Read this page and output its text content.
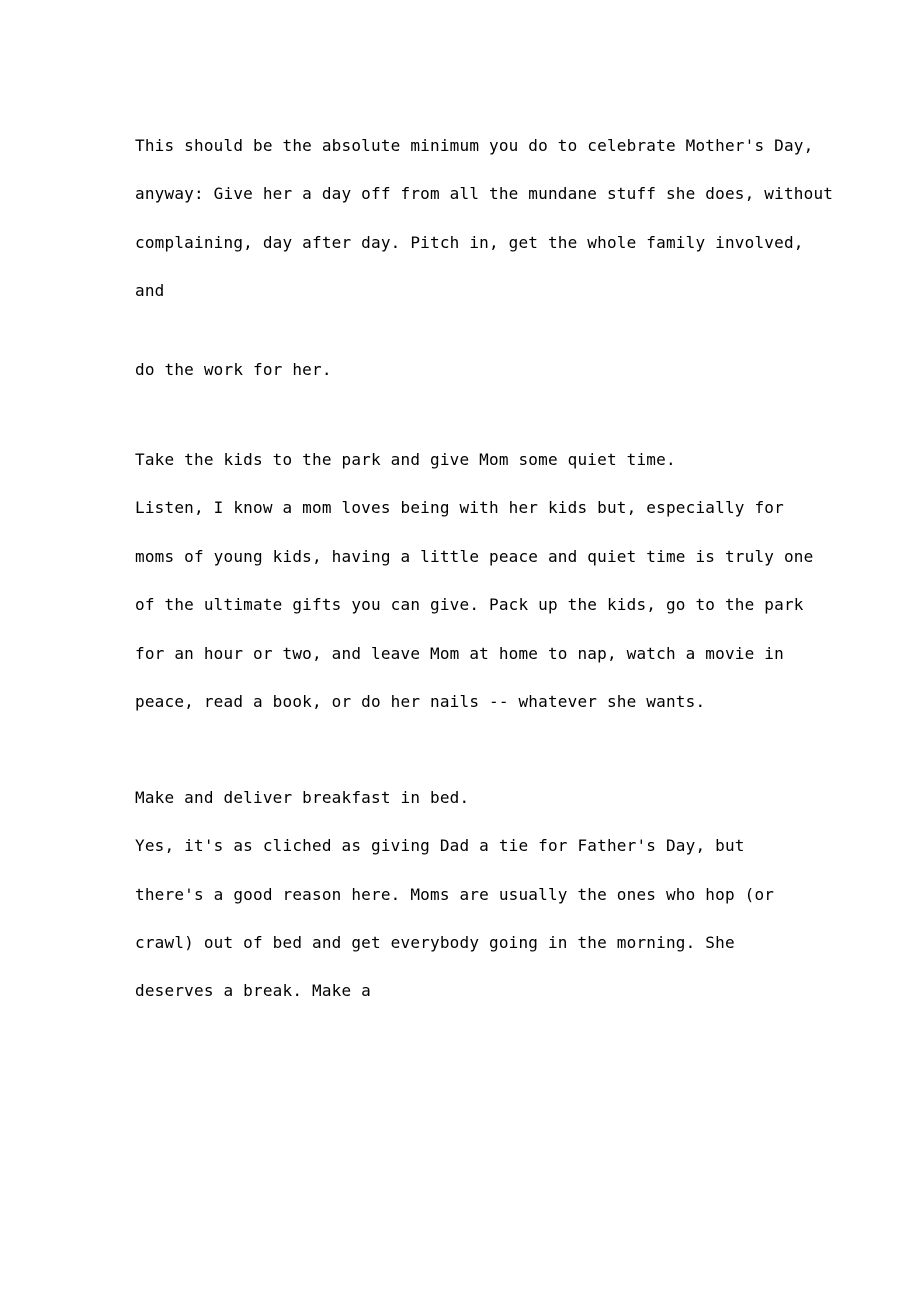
This should be the absolute minimum you do to celebrate Mother's Day,

anyway: Give her a day off from all the mundane stuff she does, without

complaining, day after day. Pitch in, get the whole family involved,

and

do the work for her.

Take the kids to the park and give Mom some quiet time.

Listen, I know a mom loves being with her kids but, especially for

moms of young kids, having a little peace and quiet time is truly one

of the ultimate gifts you can give. Pack up the kids, go to the park

for an hour or two, and leave Mom at home to nap, watch a movie in

peace, read a book, or do her nails -- whatever she wants.

Make and deliver breakfast in bed.

Yes, it's as cliched as giving Dad a tie for Father's Day, but

there's a good reason here. Moms are usually the ones who hop (or

crawl) out of bed and get everybody going in the morning. She

deserves a break. Make a
